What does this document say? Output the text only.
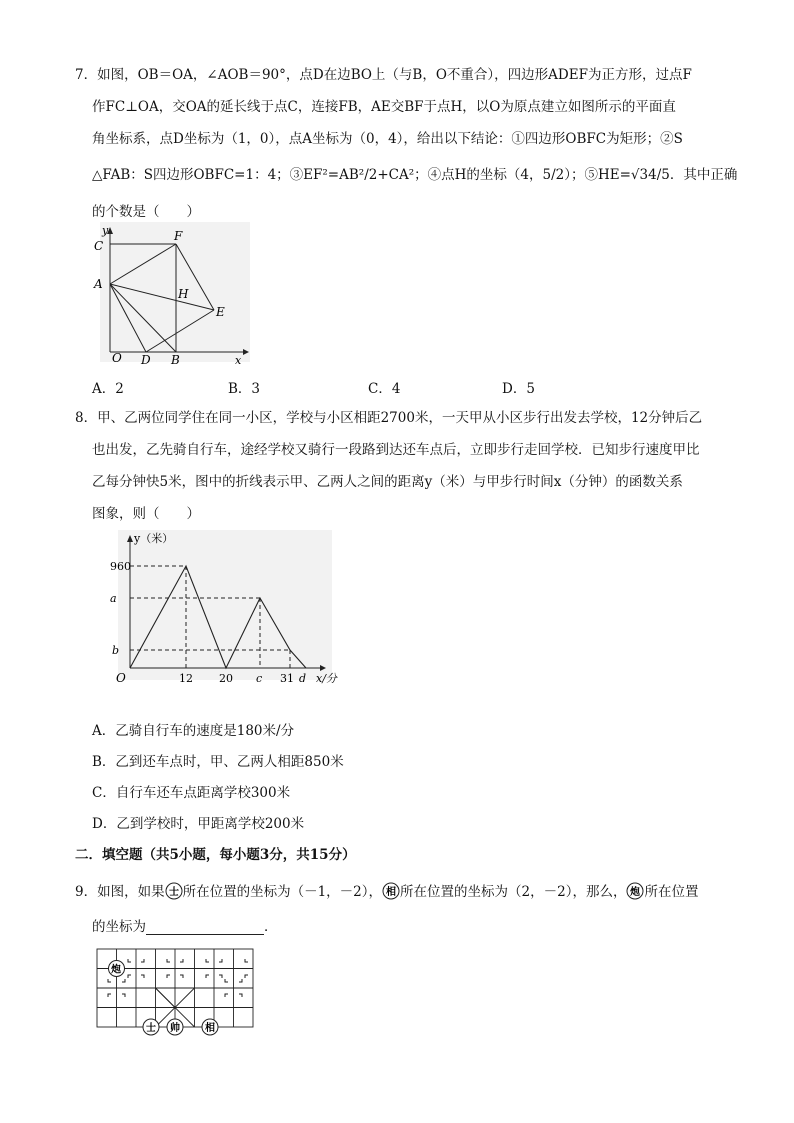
7．如图，OB＝OA，∠AOB＝90°，点D在边BO上（与B，O不重合），四边形ADEF为正方形，过点F
作FC⊥OA，交OA的延长线于点C，连接FB，AE交BF于点H，以O为原点建立如图所示的平面直
角坐标系，点D坐标为（1，0），点A坐标为（0，4），给出以下结论：①四边形OBFC为矩形；②S
△FAB：S四边形OBFC=1：4；③EF²=AB²/2+CA²；④点H的坐标（4，5/2）；⑤HE=√34/5．其中正确
的个数是（　　）
y
x
C
F
A
H
E
O D B
A．2	B．3	C．4	D．5
8．甲、乙两位同学住在同一小区，学校与小区相距2700米，一天甲从小区步行出发去学校，12分钟后乙
也出发，乙先骑自行车，途经学校又骑行一段路到达还车点后，立即步行走回学校．已知步行速度甲比
乙每分钟快5米，图中的折线表示甲、乙两人之间的距离y（米）与甲步行时间x（分钟）的函数关系
图象，则（　　）
y（米）
960
a
b
O	12 20 c 31 d x/分
A．乙骑自行车的速度是180米/分
B．乙到还车点时，甲、乙两人相距850米
C．自行车还车点距离学校300米
D．乙到学校时，甲距离学校200米
二．填空题（共5小题，每小题3分，共15分）
9．如图，如果 士 所在位置的坐标为（－1，－2）， 相 所在位置的坐标为（2，－2），那么， 炮 所在位置
的坐标为	．
炮
士 帅	相
